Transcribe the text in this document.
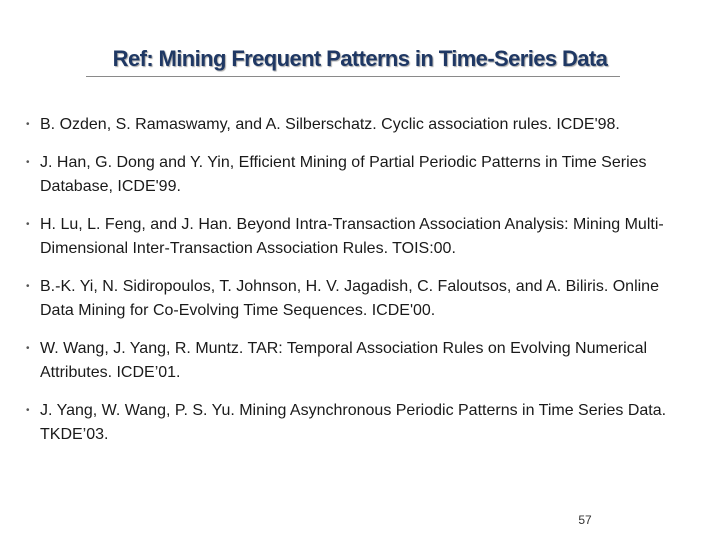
Ref: Mining Frequent Patterns in Time-Series Data
• B. Ozden, S. Ramaswamy, and A. Silberschatz. Cyclic association rules. ICDE'98.
• J. Han, G. Dong and Y. Yin, Efficient Mining of Partial Periodic Patterns in Time Series Database, ICDE'99.
• H. Lu, L. Feng, and J. Han. Beyond Intra-Transaction Association Analysis: Mining Multi-Dimensional Inter-Transaction Association Rules. TOIS:00.
• B.-K. Yi, N. Sidiropoulos, T. Johnson, H. V. Jagadish, C. Faloutsos, and A. Biliris. Online Data Mining for Co-Evolving Time Sequences. ICDE'00.
• W. Wang, J. Yang, R. Muntz. TAR: Temporal Association Rules on Evolving Numerical Attributes. ICDE’01.
• J. Yang, W. Wang, P. S. Yu. Mining Asynchronous Periodic Patterns in Time Series Data. TKDE’03.
57
